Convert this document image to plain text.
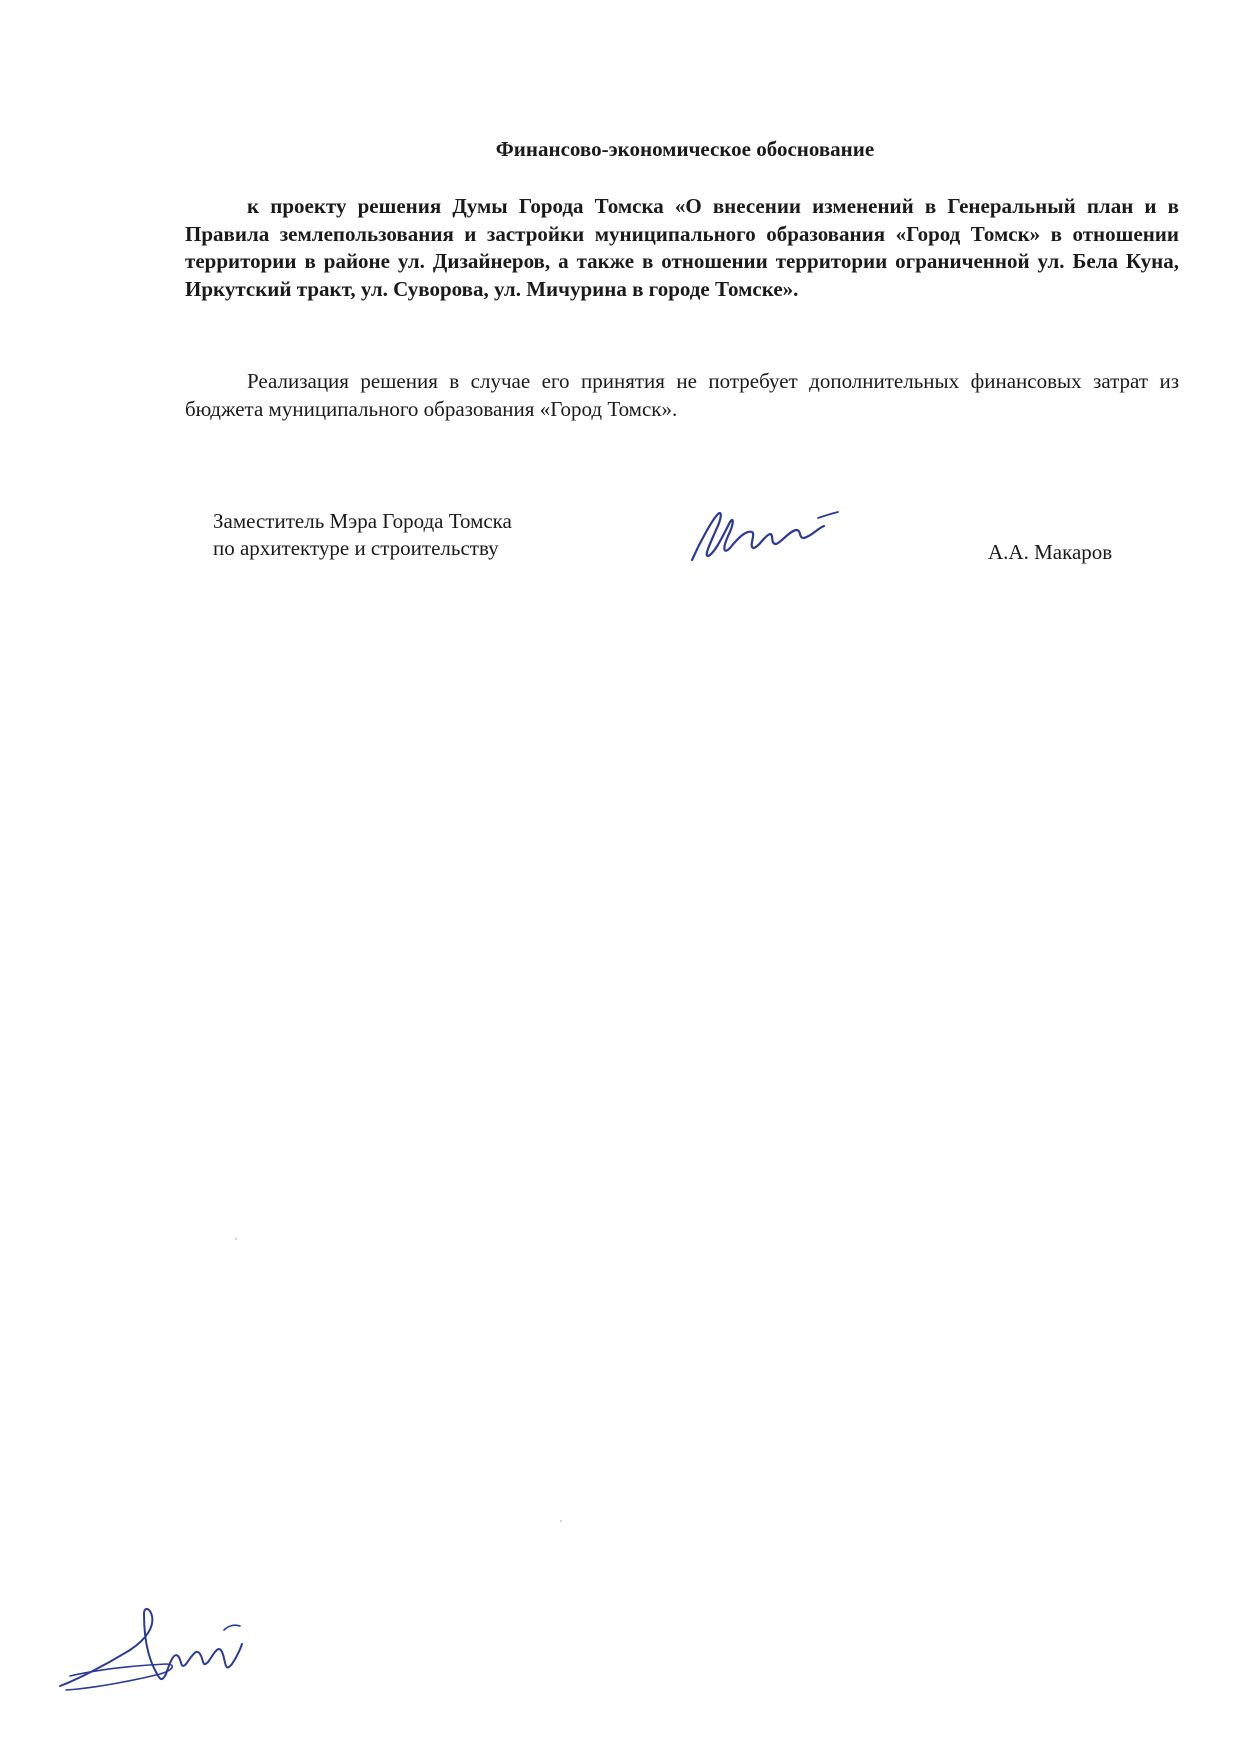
Финансово-экономическое обоснование
к проекту решения Думы Города Томска «О внесении изменений в Генеральный план и в Правила землепользования и застройки муниципального образования «Город Томск» в отношении территории в районе ул. Дизайнеров, а также в отношении территории ограниченной ул. Бела Куна, Иркутский тракт, ул. Суворова, ул. Мичурина в городе Томске».
Реализация решения в случае его принятия не потребует дополнительных финансовых затрат из бюджета муниципального образования «Город Томск».
Заместитель Мэра Города Томска
по архитектуре и строительству	А.А. Макаров
